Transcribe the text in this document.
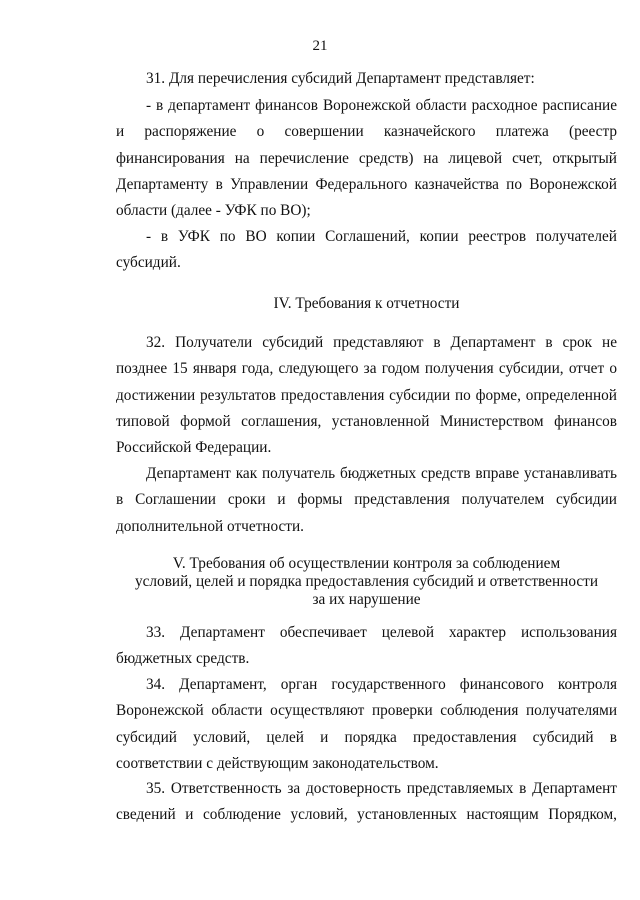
21

31. Для перечисления субсидий Департамент представляет:

- в департамент финансов Воронежской области расходное расписание и распоряжение о совершении казначейского платежа (реестр финансирования на перечисление средств) на лицевой счет, открытый Департаменту в Управлении Федерального казначейства по Воронежской области (далее - УФК по ВО);

- в УФК по ВО копии Соглашений, копии реестров получателей субсидий.

IV. Требования к отчетности

32. Получатели субсидий представляют в Департамент в срок не позднее 15 января года, следующего за годом получения субсидии, отчет о достижении результатов предоставления субсидии по форме, определенной типовой формой соглашения, установленной Министерством финансов Российской Федерации.

Департамент как получатель бюджетных средств вправе устанавливать в Соглашении сроки и формы представления получателем субсидии дополнительной отчетности.

V. Требования об осуществлении контроля за соблюдением
условий, целей и порядка предоставления субсидий и ответственности
за их нарушение

33. Департамент обеспечивает целевой характер использования бюджетных средств.

34. Департамент, орган государственного финансового контроля Воронежской области осуществляют проверки соблюдения получателями субсидий условий, целей и порядка предоставления субсидий в соответствии с действующим законодательством.

35. Ответственность за достоверность представляемых в Департамент сведений и соблюдение условий, установленных настоящим Порядком,
